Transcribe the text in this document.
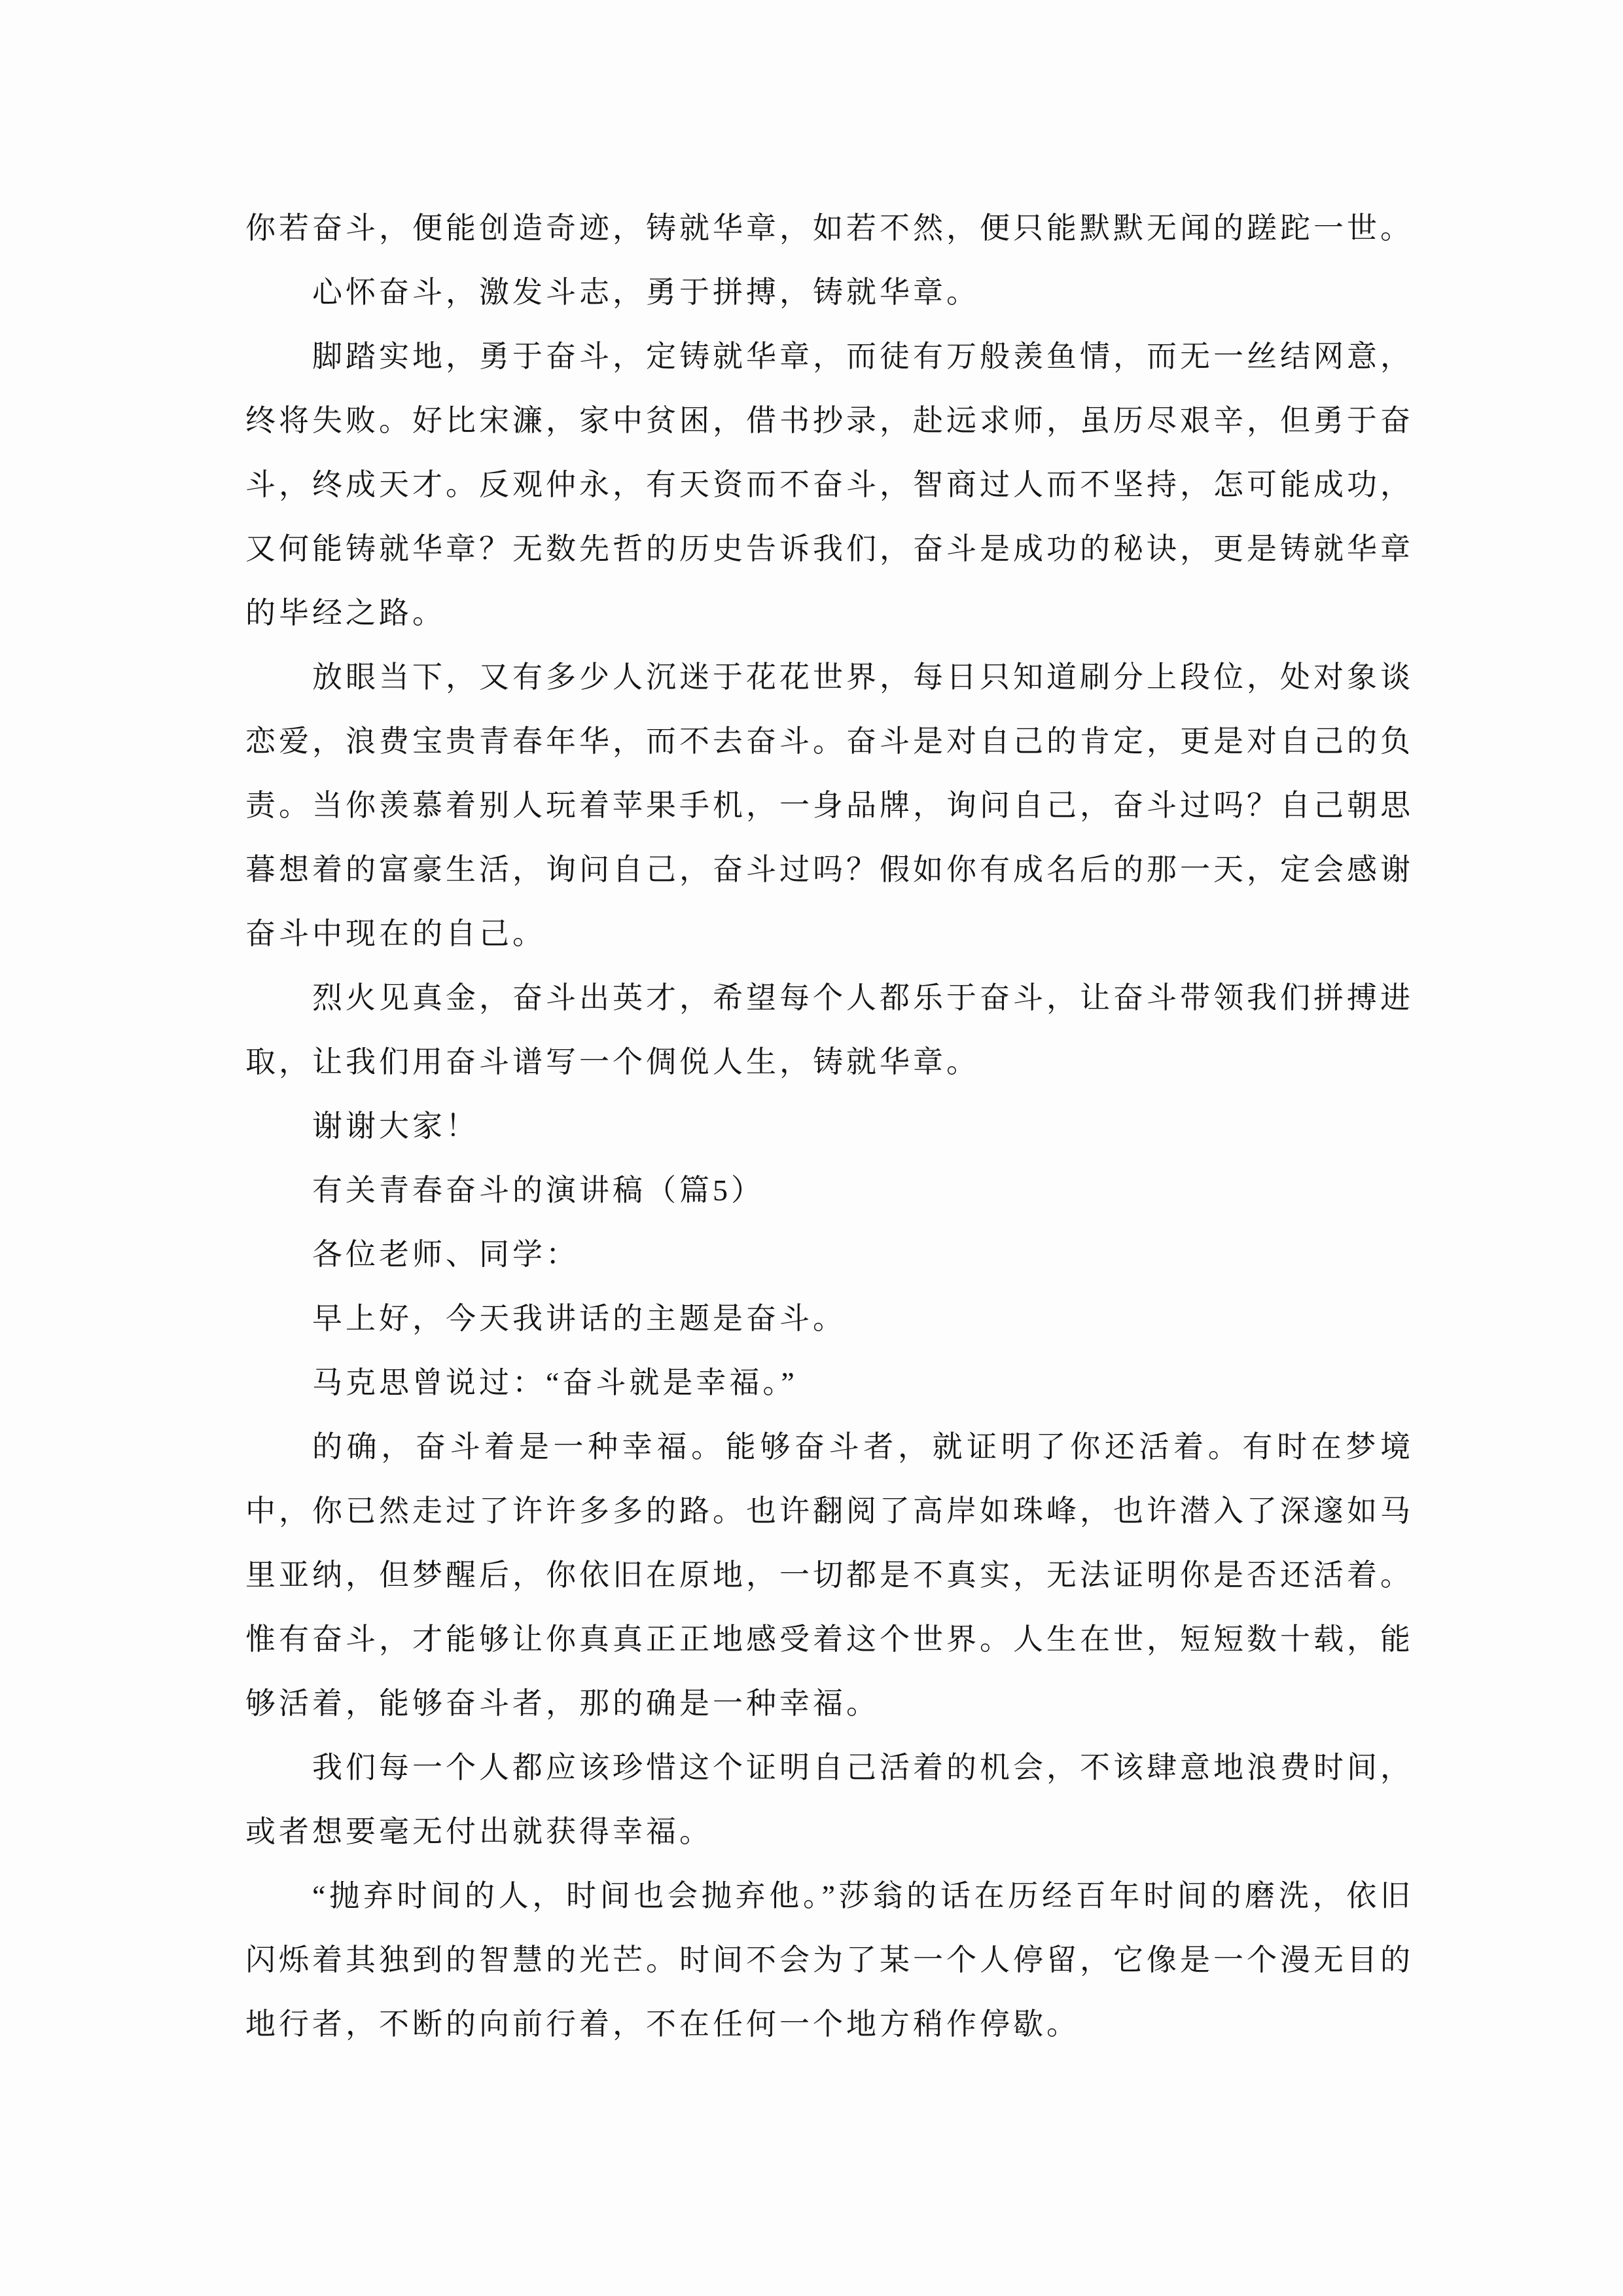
你若奋斗，便能创造奇迹，铸就华章，如若不然，便只能默默无闻的蹉跎一世。

心怀奋斗，激发斗志，勇于拼搏，铸就华章。

脚踏实地，勇于奋斗，定铸就华章，而徒有万般羡鱼情，而无一丝结网意，终将失败。好比宋濂，家中贫困，借书抄录，赴远求师，虽历尽艰辛，但勇于奋斗，终成天才。反观仲永，有天资而不奋斗，智商过人而不坚持，怎可能成功，又何能铸就华章？无数先哲的历史告诉我们，奋斗是成功的秘诀，更是铸就华章的毕经之路。

放眼当下，又有多少人沉迷于花花世界，每日只知道刷分上段位，处对象谈恋爱，浪费宝贵青春年华，而不去奋斗。奋斗是对自己的肯定，更是对自己的负责。当你羡慕着别人玩着苹果手机，一身品牌，询问自己，奋斗过吗？自己朝思暮想着的富豪生活，询问自己，奋斗过吗？假如你有成名后的那一天，定会感谢奋斗中现在的自己。

烈火见真金，奋斗出英才，希望每个人都乐于奋斗，让奋斗带领我们拼搏进取，让我们用奋斗谱写一个倜侻人生，铸就华章。

谢谢大家！

有关青春奋斗的演讲稿（篇5）

各位老师、同学：

早上好，今天我讲话的主题是奋斗。

马克思曾说过：“奋斗就是幸福。”

的确，奋斗着是一种幸福。能够奋斗者，就证明了你还活着。有时在梦境中，你已然走过了许许多多的路。也许翻阅了高岸如珠峰，也许潜入了深邃如马里亚纳，但梦醒后，你依旧在原地，一切都是不真实，无法证明你是否还活着。惟有奋斗，才能够让你真真正正地感受着这个世界。人生在世，短短数十载，能够活着，能够奋斗者，那的确是一种幸福。

我们每一个人都应该珍惜这个证明自己活着的机会，不该肆意地浪费时间，或者想要毫无付出就获得幸福。

“抛弃时间的人，时间也会抛弃他。”莎翁的话在历经百年时间的磨洗，依旧闪烁着其独到的智慧的光芒。时间不会为了某一个人停留，它像是一个漫无目的地行者，不断的向前行着，不在任何一个地方稍作停歇。
